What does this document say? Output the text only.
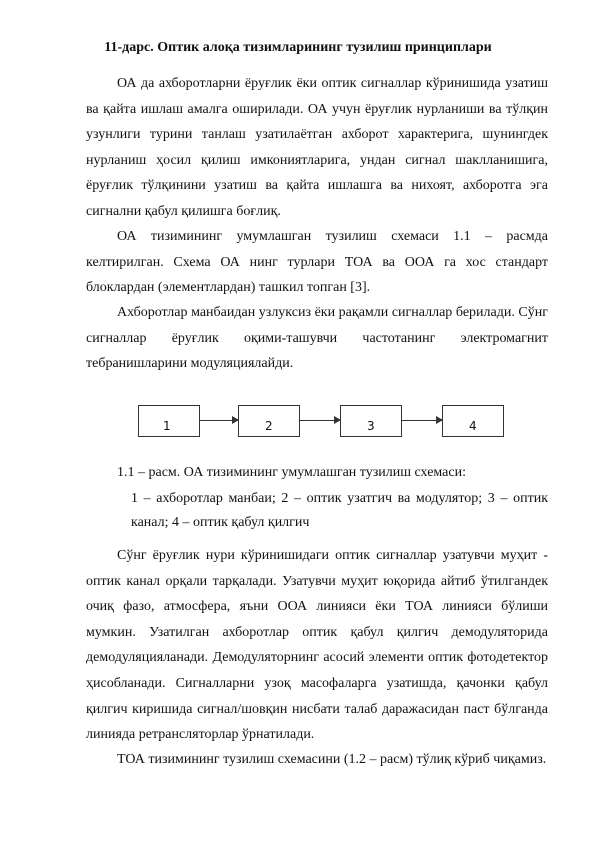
11-дарс. Оптик алоқа тизимларининг тузилиш принциплари

ОА да ахборотларни ёруғлик ёки оптик сигналлар кўринишида узатиш ва қайта ишлаш амалга оширилади. ОА учун ёруғлик нурланиши ва тўлқин узунлиги турини танлаш узатилаётган ахборот характерига, шунингдек нурланиш ҳосил қилиш имкониятларига, ундан сигнал шаклланишига, ёруғлик тўлқинини узатиш ва қайта ишлашга ва нихоят, ахборотга эга сигнални қабул қилишга боғлиқ.

ОА тизимининг умумлашган тузилиш схемаси 1.1 – расмда келтирилган. Схема ОА нинг турлари ТОА ва ООА га хос стандарт блоклардан (элементлардан) ташкил топган [3].

Ахборотлар манбаидан узлуксиз ёки рақамли сигналлар берилади. Сўнг сигналлар ёруғлик оқими-ташувчи частотанинг электромагнит тебранишларини модуляциялайди.

1	2	3	4
1.1 – расм. ОА тизимининг умумлашган тузилиш схемаси:

1 – ахборотлар манбаи; 2 – оптик узатгич ва модулятор; 3 – оптик канал; 4 – оптик қабул қилгич

Сўнг ёруғлик нури кўринишидаги оптик сигналлар узатувчи муҳит - оптик канал орқали тарқалади. Узатувчи муҳит юқорида айтиб ўтилгандек очиқ фазо, атмосфера, яъни ООА линияси ёки ТОА линияси бўлиши мумкин. Узатилган ахборотлар оптик қабул қилгич демодуляторида демодуляцияланади. Демодуляторнинг асосий элементи оптик фотодетектор ҳисобланади. Сигналларни узоқ масофаларга узатишда, қачонки қабул қилгич киришида сигнал/шовқин нисбати талаб даражасидан паст бўлганда линияда ретрансляторлар ўрнатилади.

ТОА тизимининг тузилиш схемасини (1.2 – расм) тўлиқ кўриб чиқамиз.
